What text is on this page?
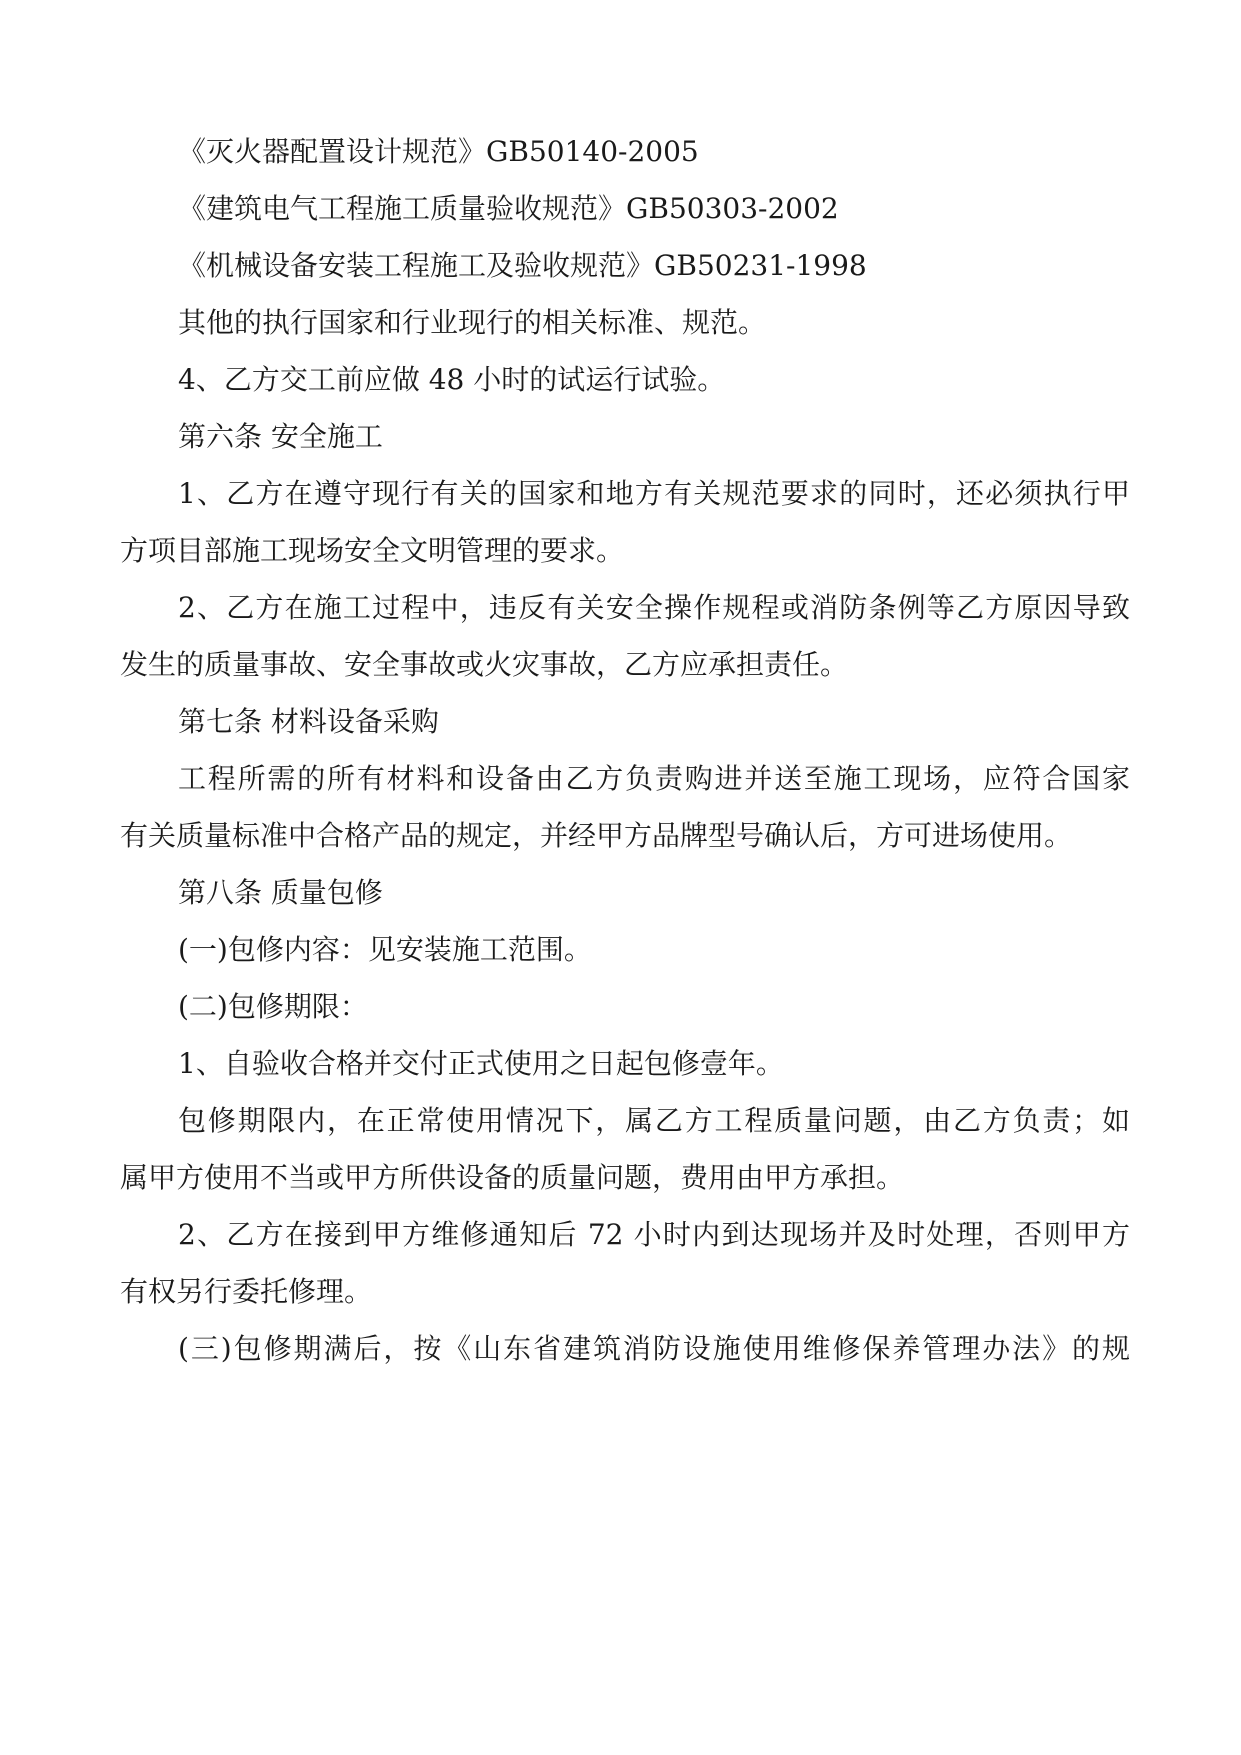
《灭火器配置设计规范》GB50140-2005

《建筑电气工程施工质量验收规范》GB50303-2002

《机械设备安装工程施工及验收规范》GB50231-1998

其他的执行国家和行业现行的相关标准、规范。

4、乙方交工前应做 48 小时的试运行试验。

第六条 安全施工

1、乙方在遵守现行有关的国家和地方有关规范要求的同时，还必须执行甲

方项目部施工现场安全文明管理的要求。

2、乙方在施工过程中，违反有关安全操作规程或消防条例等乙方原因导致

发生的质量事故、安全事故或火灾事故，乙方应承担责任。

第七条 材料设备采购

工程所需的所有材料和设备由乙方负责购进并送至施工现场，应符合国家

有关质量标准中合格产品的规定，并经甲方品牌型号确认后，方可进场使用。

第八条 质量包修

(一)包修内容：见安装施工范围。

(二)包修期限：

1、自验收合格并交付正式使用之日起包修壹年。

包修期限内，在正常使用情况下，属乙方工程质量问题，由乙方负责；如

属甲方使用不当或甲方所供设备的质量问题，费用由甲方承担。

2、乙方在接到甲方维修通知后 72 小时内到达现场并及时处理，否则甲方

有权另行委托修理。

(三)包修期满后，按《山东省建筑消防设施使用维修保养管理办法》的规
